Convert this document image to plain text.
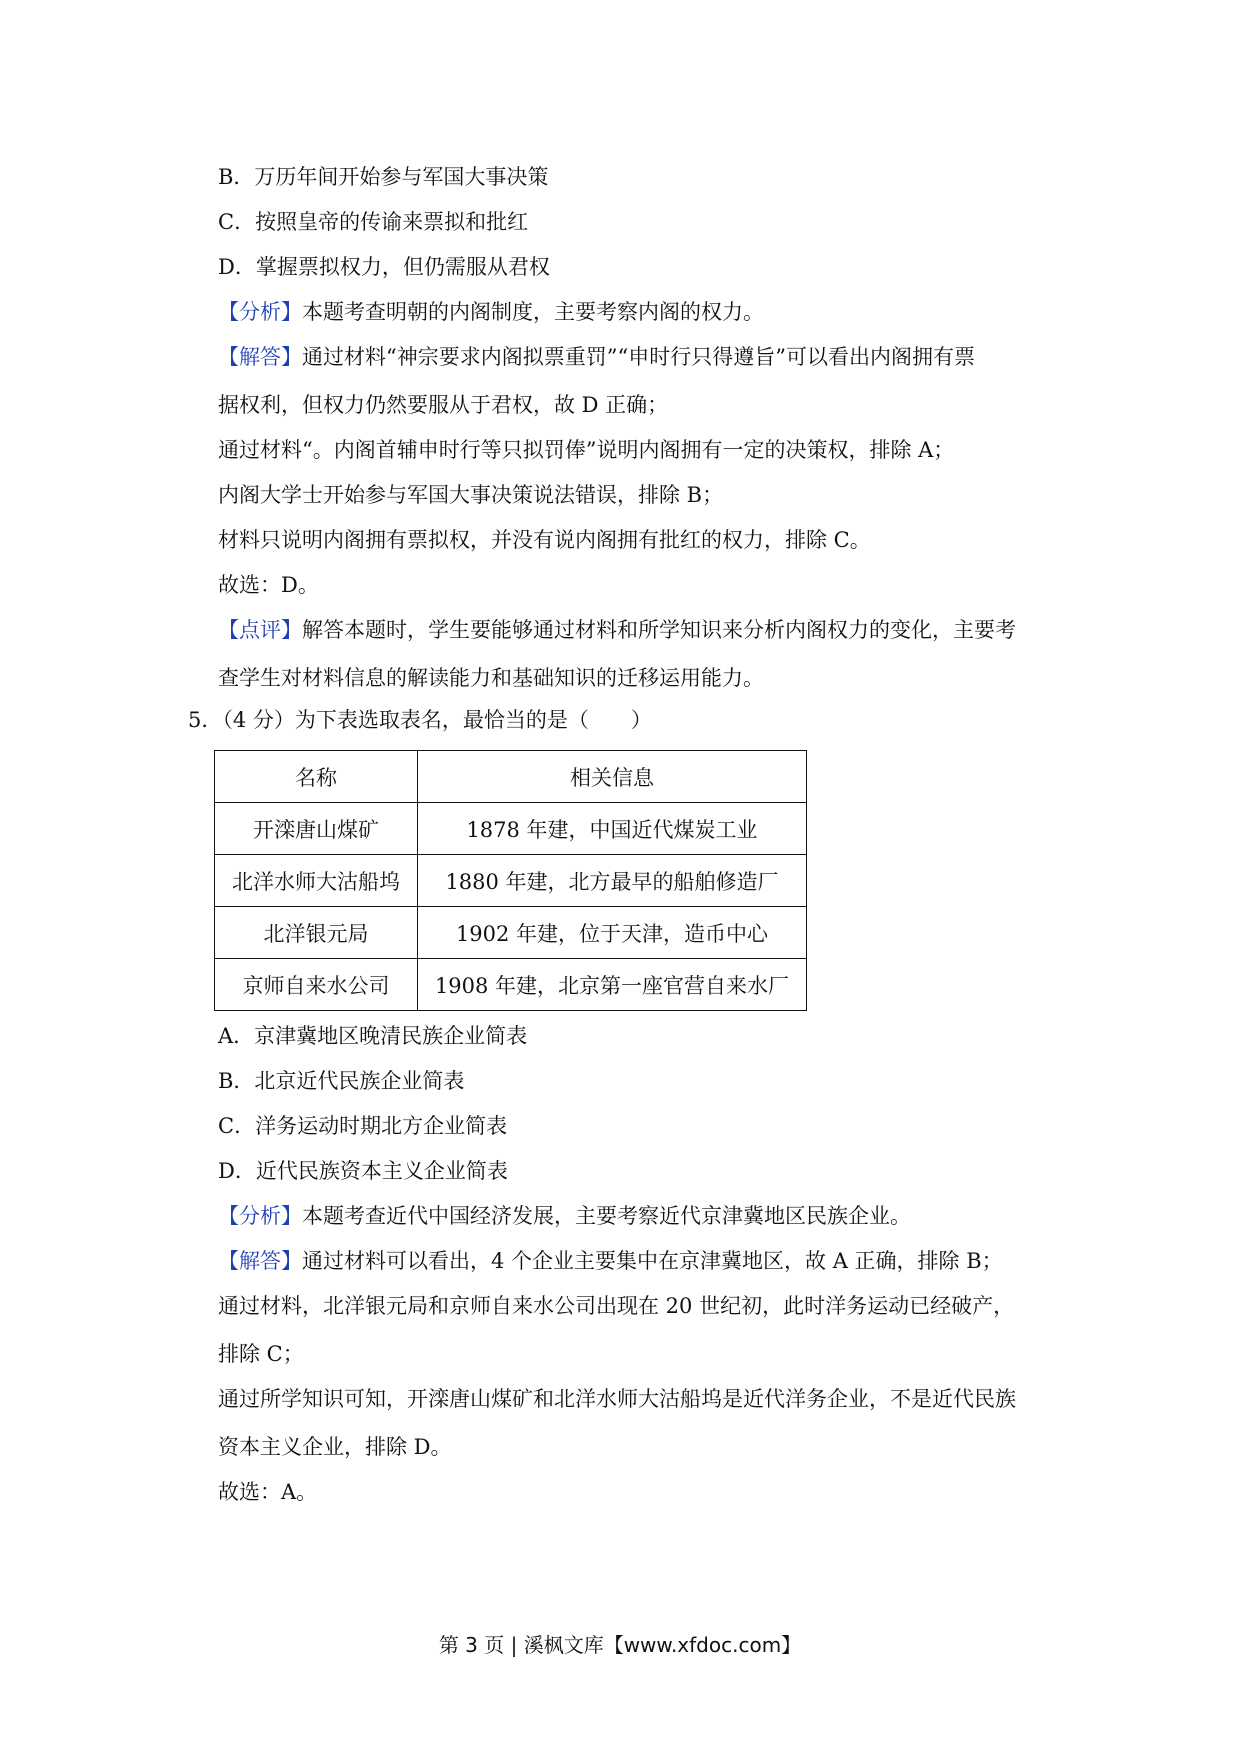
B．万历年间开始参与军国大事决策
C．按照皇帝的传谕来票拟和批红
D．掌握票拟权力，但仍需服从君权
【分析】本题考查明朝的内阁制度，主要考察内阁的权力。
【解答】通过材料“神宗要求内阁拟票重罚”“申时行只得遵旨”可以看出内阁拥有票
据权利，但权力仍然要服从于君权，故 D 正确；
通过材料“。内阁首辅申时行等只拟罚俸”说明内阁拥有一定的决策权，排除 A；
内阁大学士开始参与军国大事决策说法错误，排除 B；
材料只说明内阁拥有票拟权，并没有说内阁拥有批红的权力，排除 C。
故选：D。
【点评】解答本题时，学生要能够通过材料和所学知识来分析内阁权力的变化，主要考
查学生对材料信息的解读能力和基础知识的迁移运用能力。
5．（4 分）为下表选取表名，最恰当的是（　　）
名称	相关信息
开滦唐山煤矿	1878 年建，中国近代煤炭工业
北洋水师大沽船坞	1880 年建，北方最早的船舶修造厂
北洋银元局	1902 年建，位于天津，造币中心
京师自来水公司	1908 年建，北京第一座官营自来水厂
A．京津冀地区晚清民族企业简表
B．北京近代民族企业简表
C．洋务运动时期北方企业简表
D．近代民族资本主义企业简表
【分析】本题考查近代中国经济发展，主要考察近代京津冀地区民族企业。
【解答】通过材料可以看出，4 个企业主要集中在京津冀地区，故 A 正确，排除 B；
通过材料，北洋银元局和京师自来水公司出现在 20 世纪初，此时洋务运动已经破产，
排除 C；
通过所学知识可知，开滦唐山煤矿和北洋水师大沽船坞是近代洋务企业，不是近代民族
资本主义企业，排除 D。
故选：A。
第 3 页 | 溪枫文库【www.xfdoc.com】
